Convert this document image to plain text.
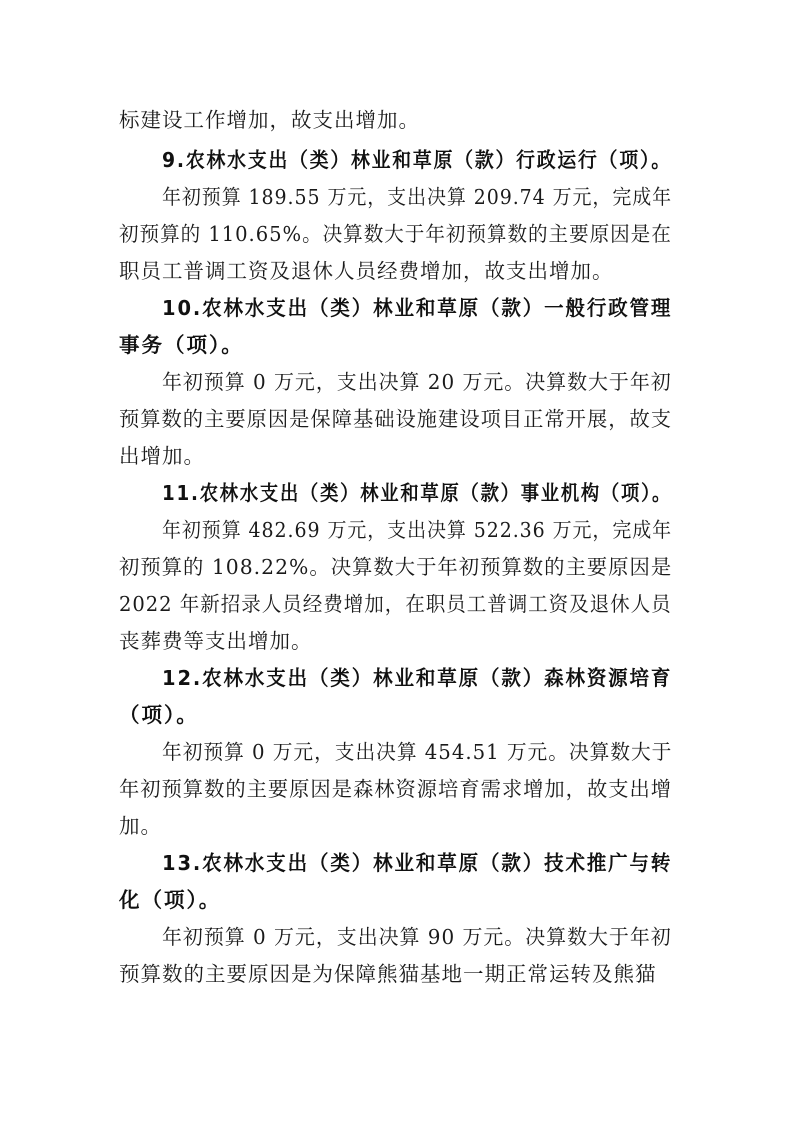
标建设工作增加，故支出增加。
9.农林水支出（类）林业和草原（款）行政运行（项）。
年初预算 189.55 万元，支出决算 209.74 万元，完成年
初预算的 110.65%。决算数大于年初预算数的主要原因是在
职员工普调工资及退休人员经费增加，故支出增加。
10.农林水支出（类）林业和草原（款）一般行政管理
事务（项）。
年初预算 0 万元，支出决算 20 万元。决算数大于年初
预算数的主要原因是保障基础设施建设项目正常开展，故支
出增加。
11.农林水支出（类）林业和草原（款）事业机构（项）。
年初预算 482.69 万元，支出决算 522.36 万元，完成年
初预算的 108.22%。决算数大于年初预算数的主要原因是
2022 年新招录人员经费增加，在职员工普调工资及退休人员
丧葬费等支出增加。
12.农林水支出（类）林业和草原（款）森林资源培育
（项）。
年初预算 0 万元，支出决算 454.51 万元。决算数大于
年初预算数的主要原因是森林资源培育需求增加，故支出增
加。
13.农林水支出（类）林业和草原（款）技术推广与转
化（项）。
年初预算 0 万元，支出决算 90 万元。决算数大于年初
预算数的主要原因是为保障熊猫基地一期正常运转及熊猫
